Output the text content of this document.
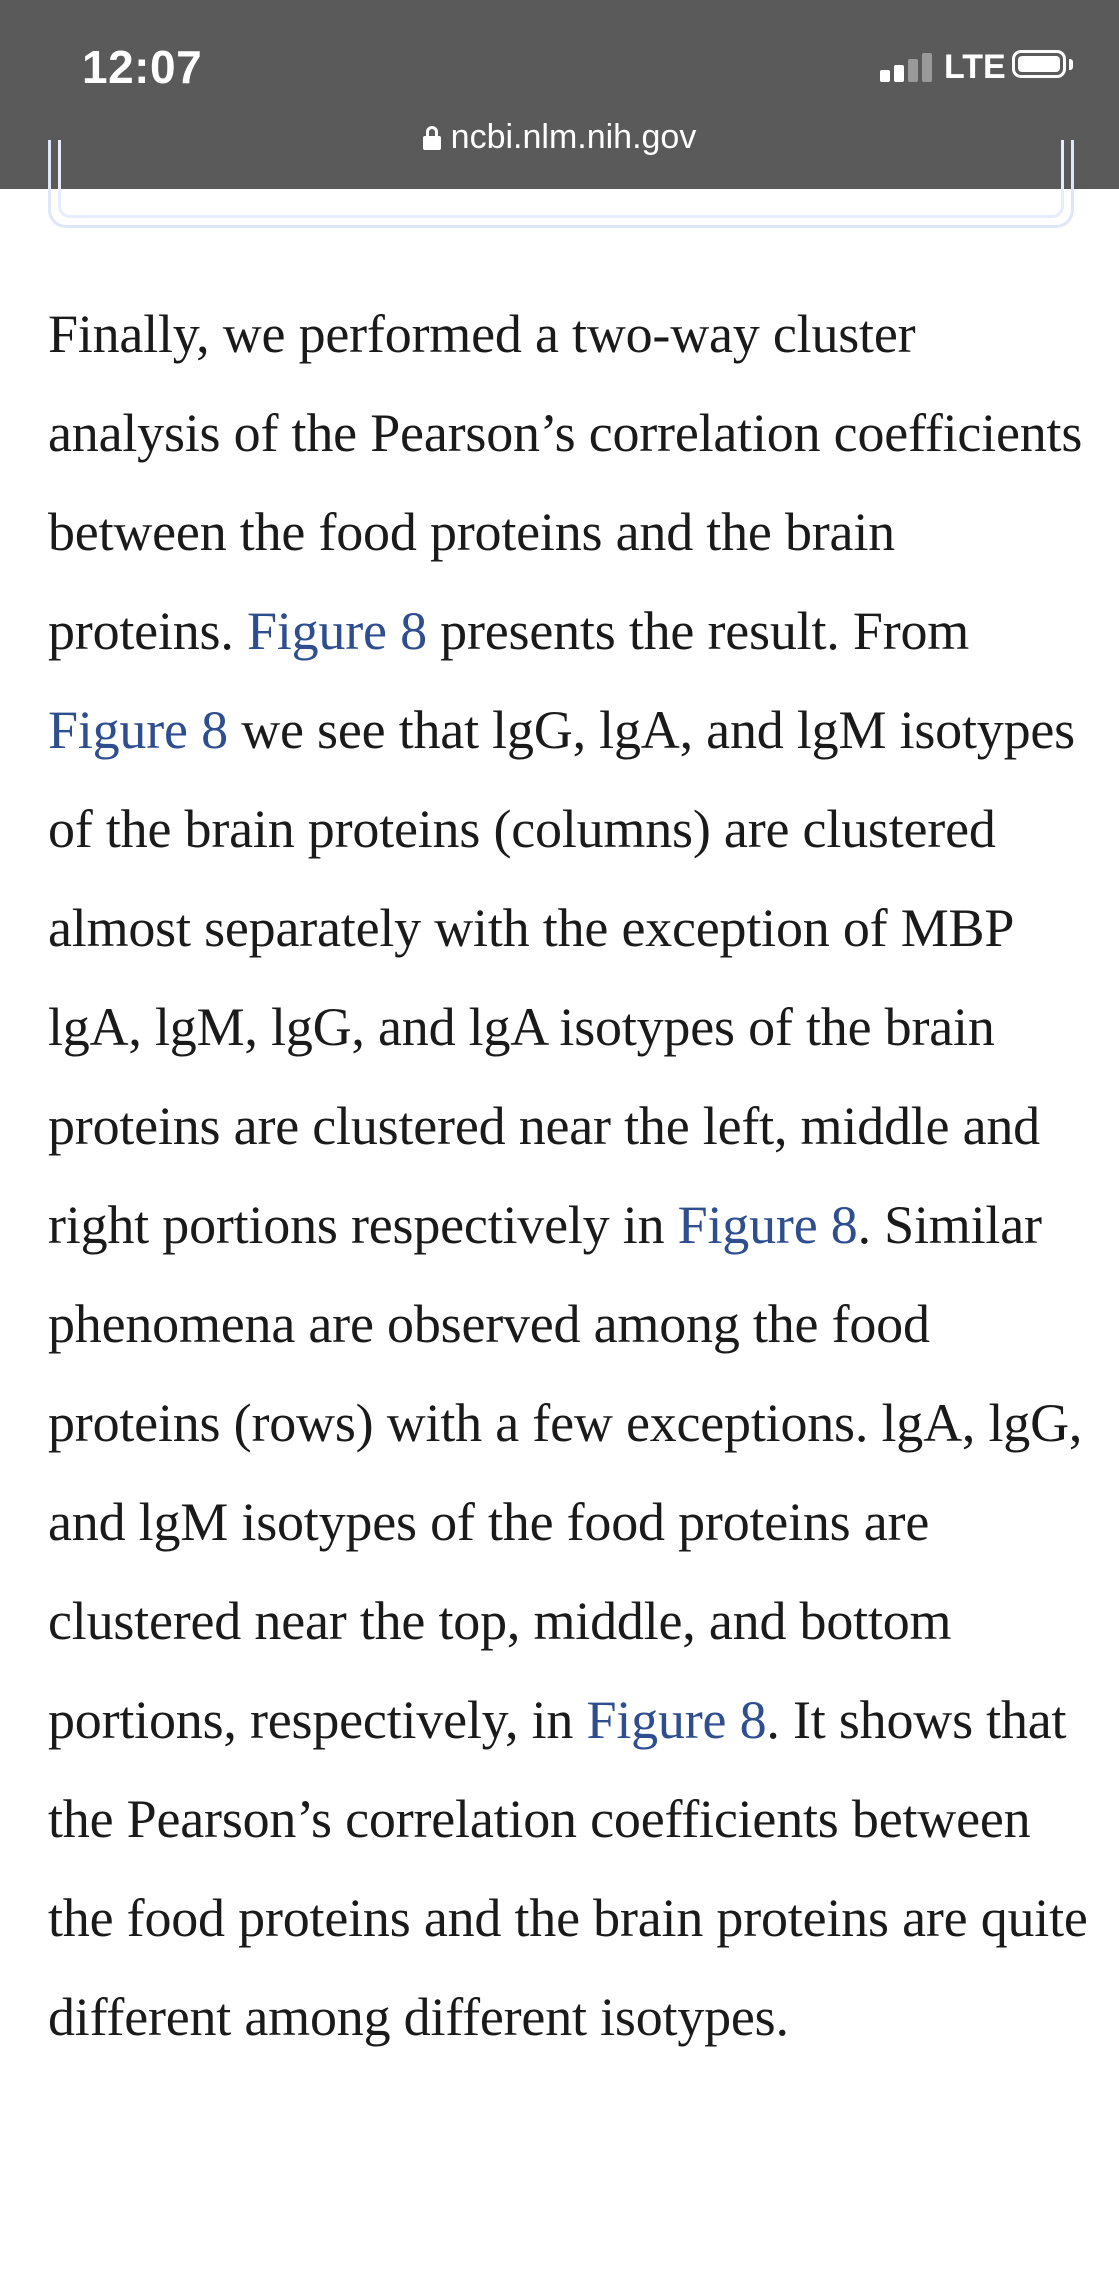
12:07	LTE
ncbi.nlm.nih.gov

Finally, we performed a two-way cluster analysis of the Pearson’s correlation coefficients between the food proteins and the brain proteins. Figure 8 presents the result. From Figure 8 we see that lgG, lgA, and lgM isotypes of the brain proteins (columns) are clustered almost separately with the exception of MBP lgA, lgM, lgG, and lgA isotypes of the brain proteins are clustered near the left, middle and right portions respectively in Figure 8. Similar phenomena are observed among the food proteins (rows) with a few exceptions. lgA, lgG, and lgM isotypes of the food proteins are clustered near the top, middle, and bottom portions, respectively, in Figure 8. It shows that the Pearson’s correlation coefficients between the food proteins and the brain proteins are quite different among different isotypes.
